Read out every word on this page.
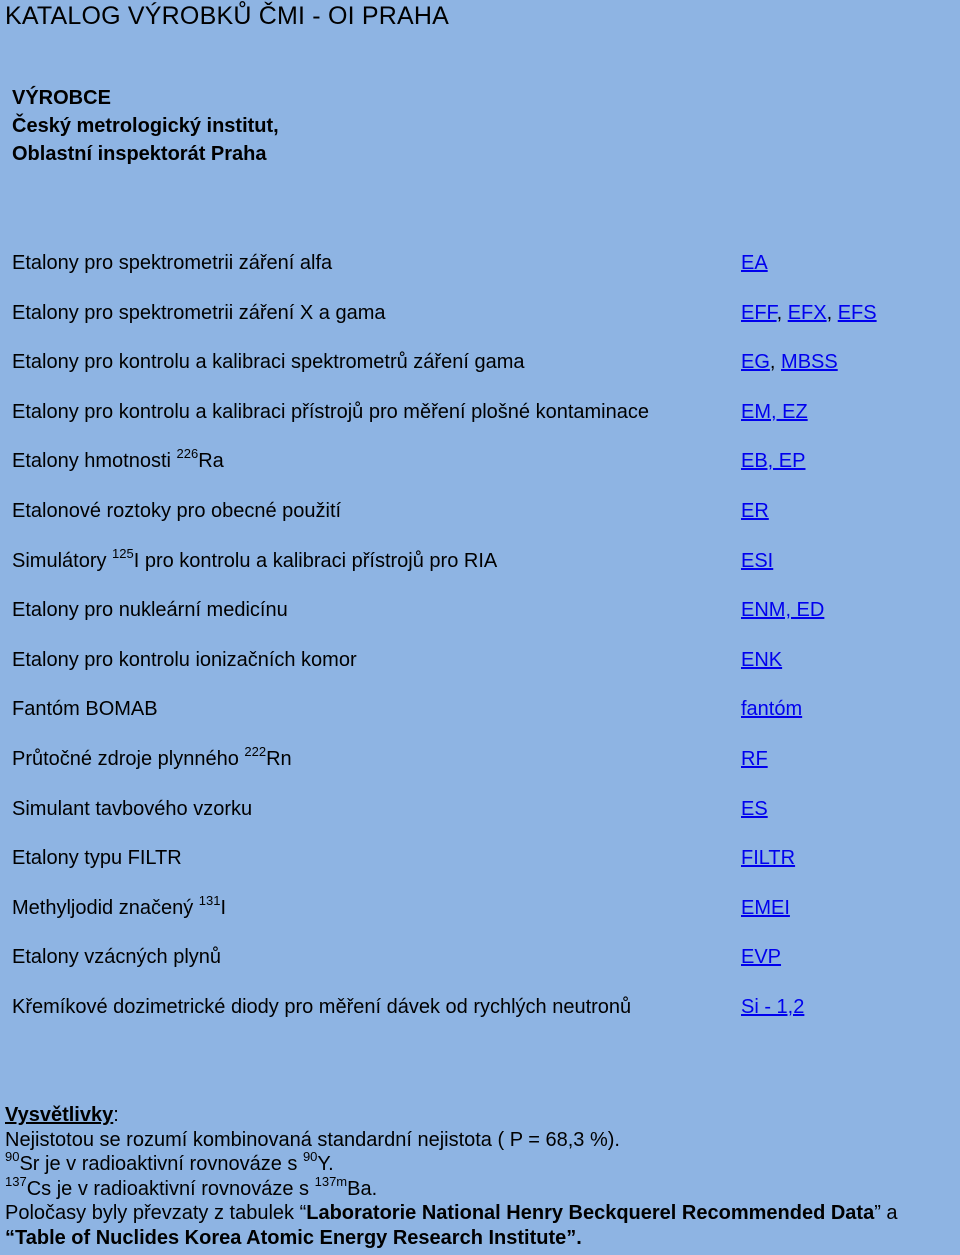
KATALOG VÝROBKŮ ČMI - OI PRAHA
VÝROBCE
Český metrologický institut,
Oblastní inspektorát Praha
Etalony pro spektrometrii záření alfa	EA
Etalony pro spektrometrii záření X a gama	EFF, EFX, EFS
Etalony pro kontrolu a kalibraci spektrometrů záření gama	EG, MBSS
Etalony pro kontrolu a kalibraci přístrojů pro měření plošné kontaminace	EM, EZ
Etalony hmotnosti $^{226}$Ra	EB, EP
Etalonové roztoky pro obecné použití	ER
Simulátory $^{125}$I pro kontrolu a kalibraci přístrojů pro RIA	ESI
Etalony pro nukleární medicínu	ENM, ED
Etalony pro kontrolu ionizačních komor	ENK
Fantóm BOMAB	fantóm
Průtočné zdroje plynného $^{222}$Rn	RF
Simulant tavbového vzorku	ES
Etalony typu FILTR	FILTR
Methyljodid značený $^{131}$I	EMEI
Etalony vzácných plynů	EVP
Křemíkové dozimetrické diody pro měření dávek od rychlých neutronů	Si - 1,2
Vysvětlivky:
Nejistotou se rozumí kombinovaná standardní nejistota ( P = 68,3 %).
$^{90}$Sr je v radioaktivní rovnováze s $^{90}$Y.
$^{137}$Cs je v radioaktivní rovnováze s $^{137m}$Ba.
Poločasy byly převzaty z tabulek “Laboratorie National Henry Beckquerel Recommended Data” a
“Table of Nuclides Korea Atomic Energy Research Institute”.
